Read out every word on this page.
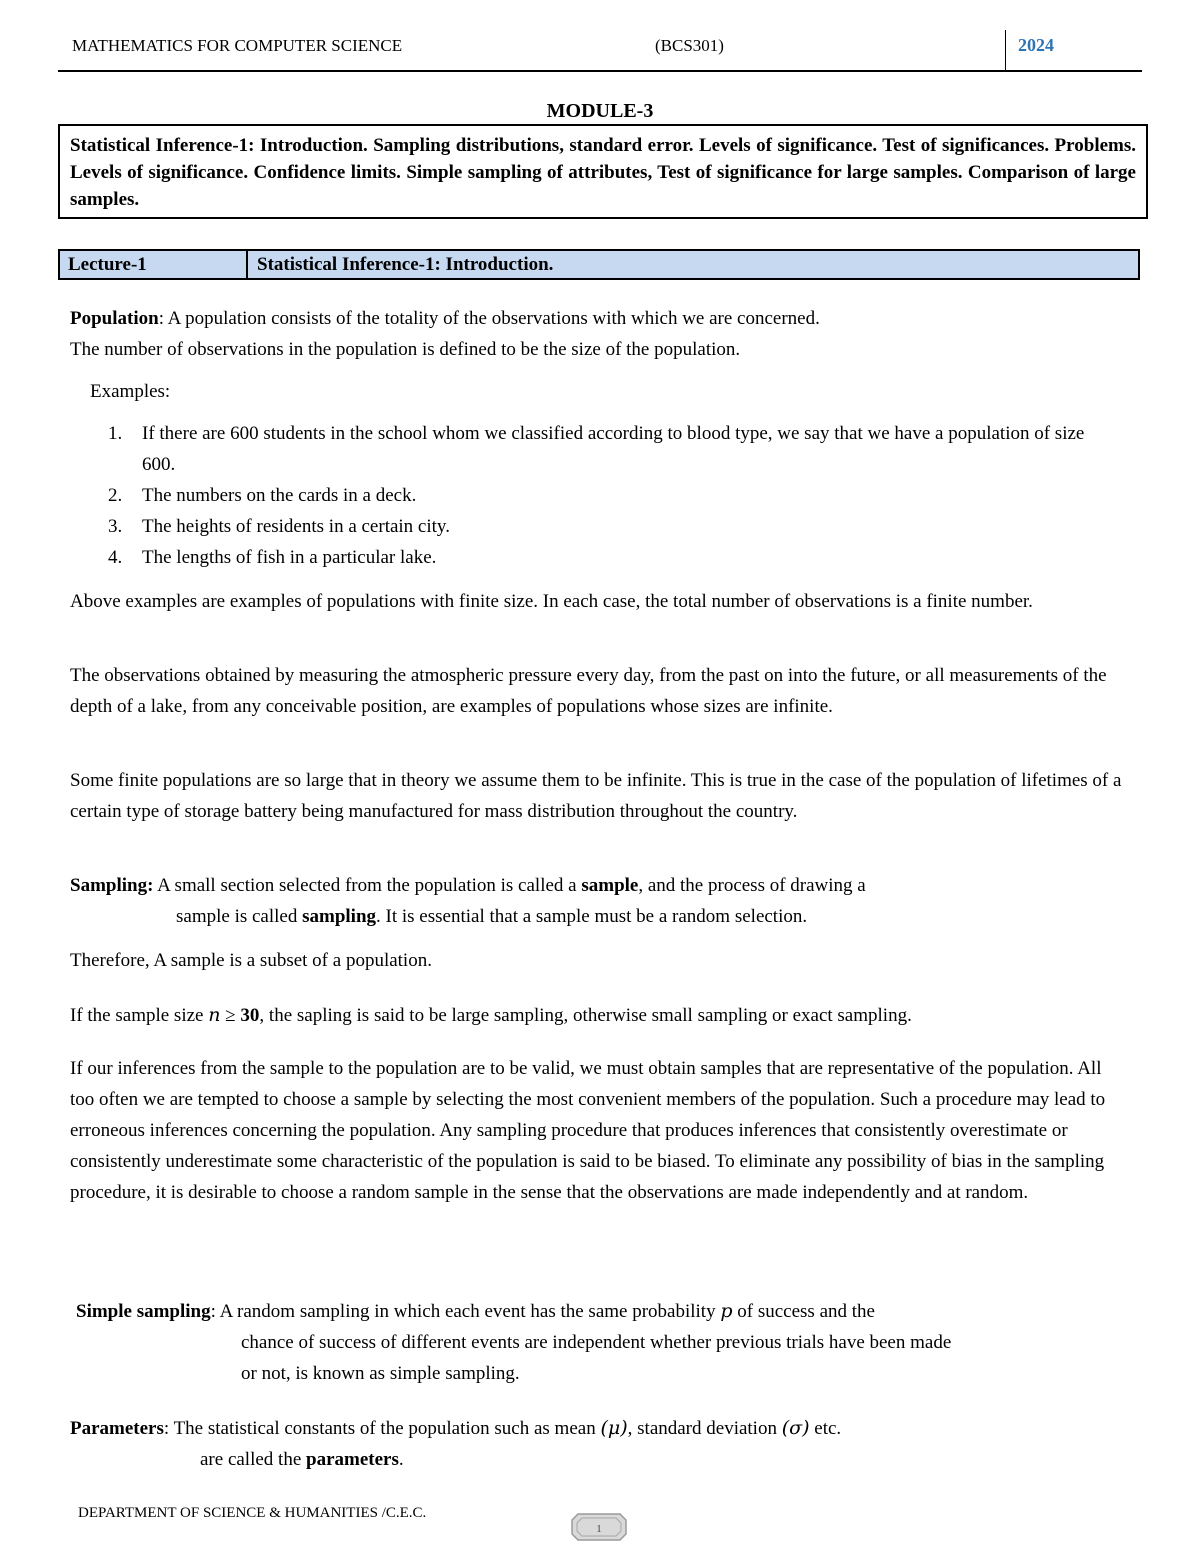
MATHEMATICS FOR COMPUTER SCIENCE	(BCS301)	2024
MODULE-3
Statistical Inference-1: Introduction. Sampling distributions, standard error. Levels of significance. Test of significances. Problems. Levels of significance. Confidence limits. Simple sampling of attributes, Test of significance for large samples. Comparison of large samples.
Lecture-1	Statistical Inference-1: Introduction.
Population: A population consists of the totality of the observations with which we are concerned.
The number of observations in the population is defined to be the size of the population.
Examples:
1. If there are 600 students in the school whom we classified according to blood type, we say that we have a population of size 600.
2. The numbers on the cards in a deck.
3. The heights of residents in a certain city.
4. The lengths of fish in a particular lake.
Above examples are examples of populations with finite size. In each case, the total number of observations is a finite number.
The observations obtained by measuring the atmospheric pressure every day, from the past on into the future, or all measurements of the depth of a lake, from any conceivable position, are examples of populations whose sizes are infinite.
Some finite populations are so large that in theory we assume them to be infinite. This is true in the case of the population of lifetimes of a certain type of storage battery being manufactured for mass distribution throughout the country.
Sampling: A small section selected from the population is called a sample, and the process of drawing a
sample is called sampling. It is essential that a sample must be a random selection.
Therefore, A sample is a subset of a population.
If the sample size n ≥ 30, the sapling is said to be large sampling, otherwise small sampling or exact sampling.
If our inferences from the sample to the population are to be valid, we must obtain samples that are representative of the population. All too often we are tempted to choose a sample by selecting the most convenient members of the population. Such a procedure may lead to erroneous inferences concerning the population. Any sampling procedure that produces inferences that consistently overestimate or consistently underestimate some characteristic of the population is said to be biased. To eliminate any possibility of bias in the sampling procedure, it is desirable to choose a random sample in the sense that the observations are made independently and at random.
Simple sampling: A random sampling in which each event has the same probability p of success and the
chance of success of different events are independent whether previous trials have been made
or not, is known as simple sampling.
Parameters: The statistical constants of the population such as mean (μ), standard deviation (σ) etc.
are called the parameters.
DEPARTMENT OF SCIENCE & HUMANITIES /C.E.C.
1
